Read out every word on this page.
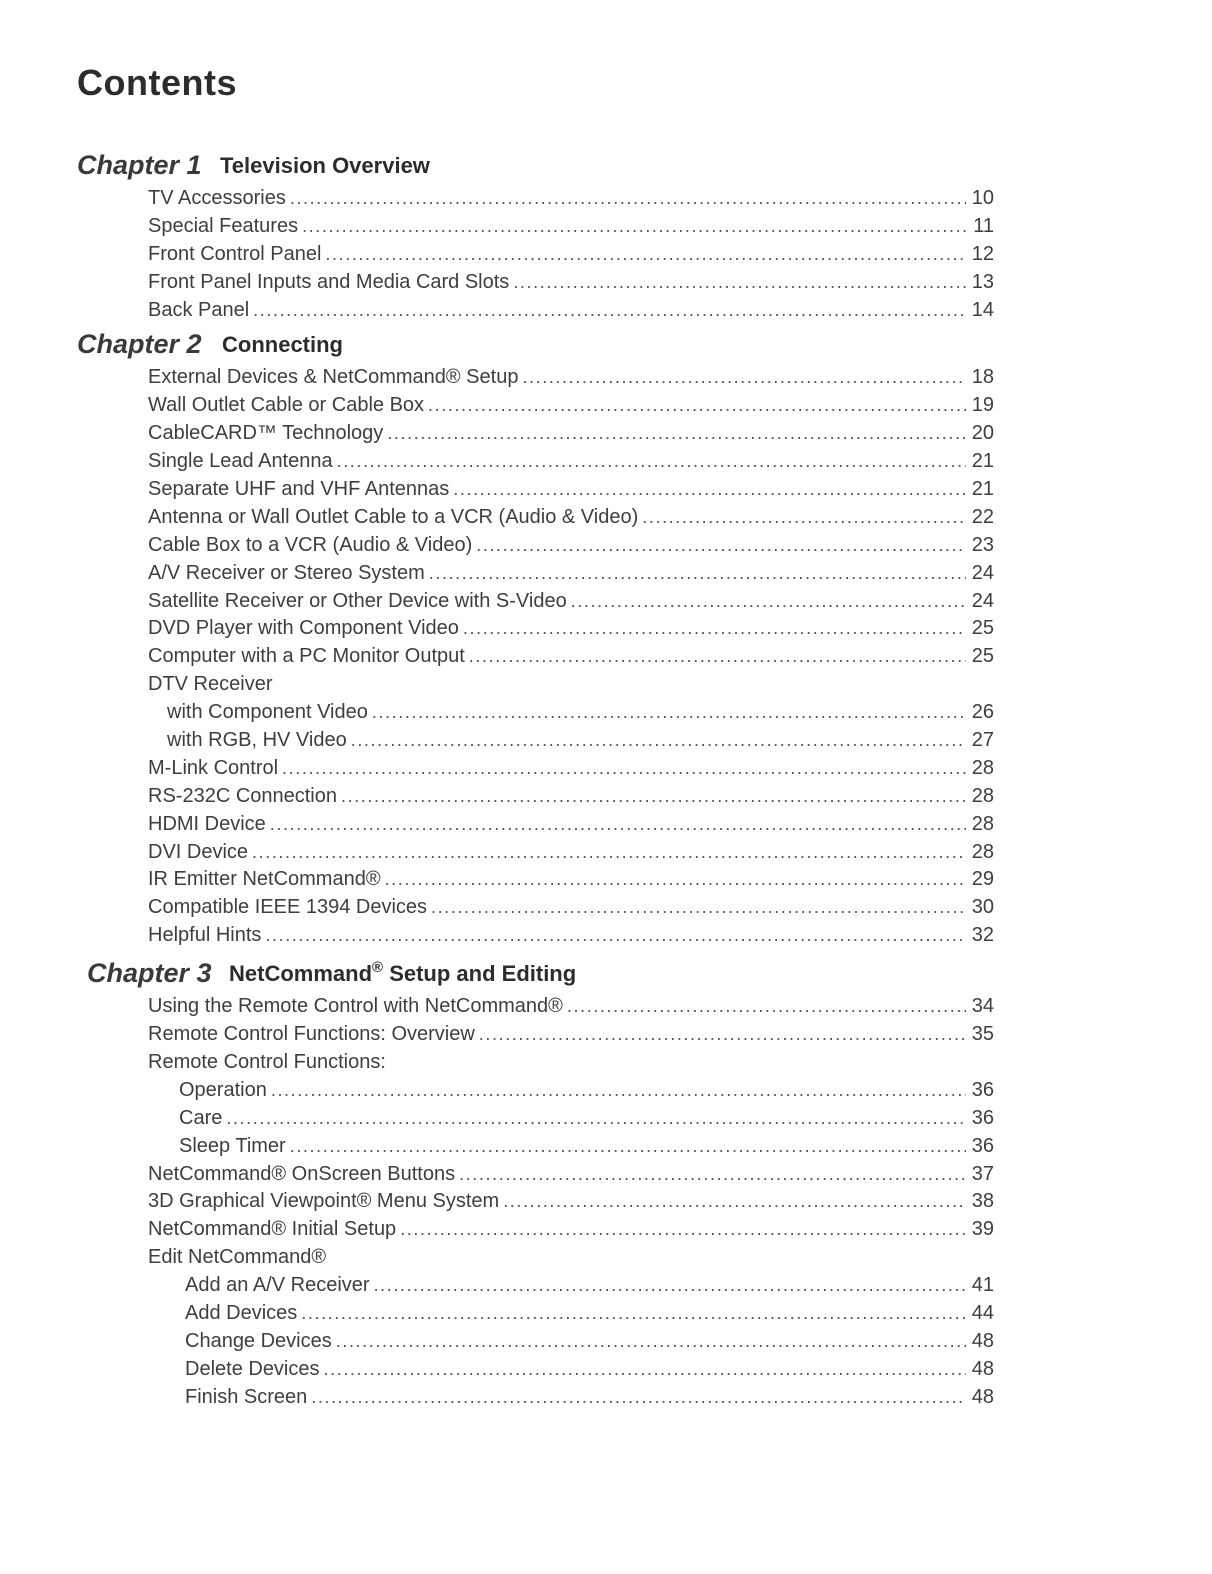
Contents
Chapter 1 Television Overview
TV Accessories .....	10
Special Features .....	11
Front Control Panel .....	12
Front Panel Inputs and Media Card Slots .....	13
Back Panel .....	14
Chapter 2 Connecting
External Devices & NetCommand® Setup .....	18
Wall Outlet Cable or Cable Box .....	19
CableCARD™ Technology .....	20
Single Lead Antenna .....	21
Separate UHF and VHF Antennas .....	21
Antenna or Wall Outlet Cable to a VCR (Audio & Video) .....	22
Cable Box to a VCR (Audio & Video) .....	23
A/V Receiver or Stereo System .....	24
Satellite Receiver or Other Device with S-Video .....	24
DVD Player with Component Video .....	25
Computer with a PC Monitor Output .....	25
DTV Receiver
with Component Video .....	26
with RGB, HV Video .....	27
M-Link Control .....	28
RS-232C Connection .....	28
HDMI Device .....	28
DVI Device .....	28
IR Emitter NetCommand® .....	29
Compatible IEEE 1394 Devices .....	30
Helpful Hints .....	32
Chapter 3 NetCommand® Setup and Editing
Using the Remote Control with NetCommand® .....	34
Remote Control Functions: Overview .....	35
Remote Control Functions:
Operation .....	36
Care .....	36
Sleep Timer .....	36
NetCommand® OnScreen Buttons .....	37
3D Graphical Viewpoint® Menu System .....	38
NetCommand® Initial Setup .....	39
Edit NetCommand®
Add an A/V Receiver .....	41
Add Devices .....	44
Change Devices .....	48
Delete Devices .....	48
Finish Screen .....	48
